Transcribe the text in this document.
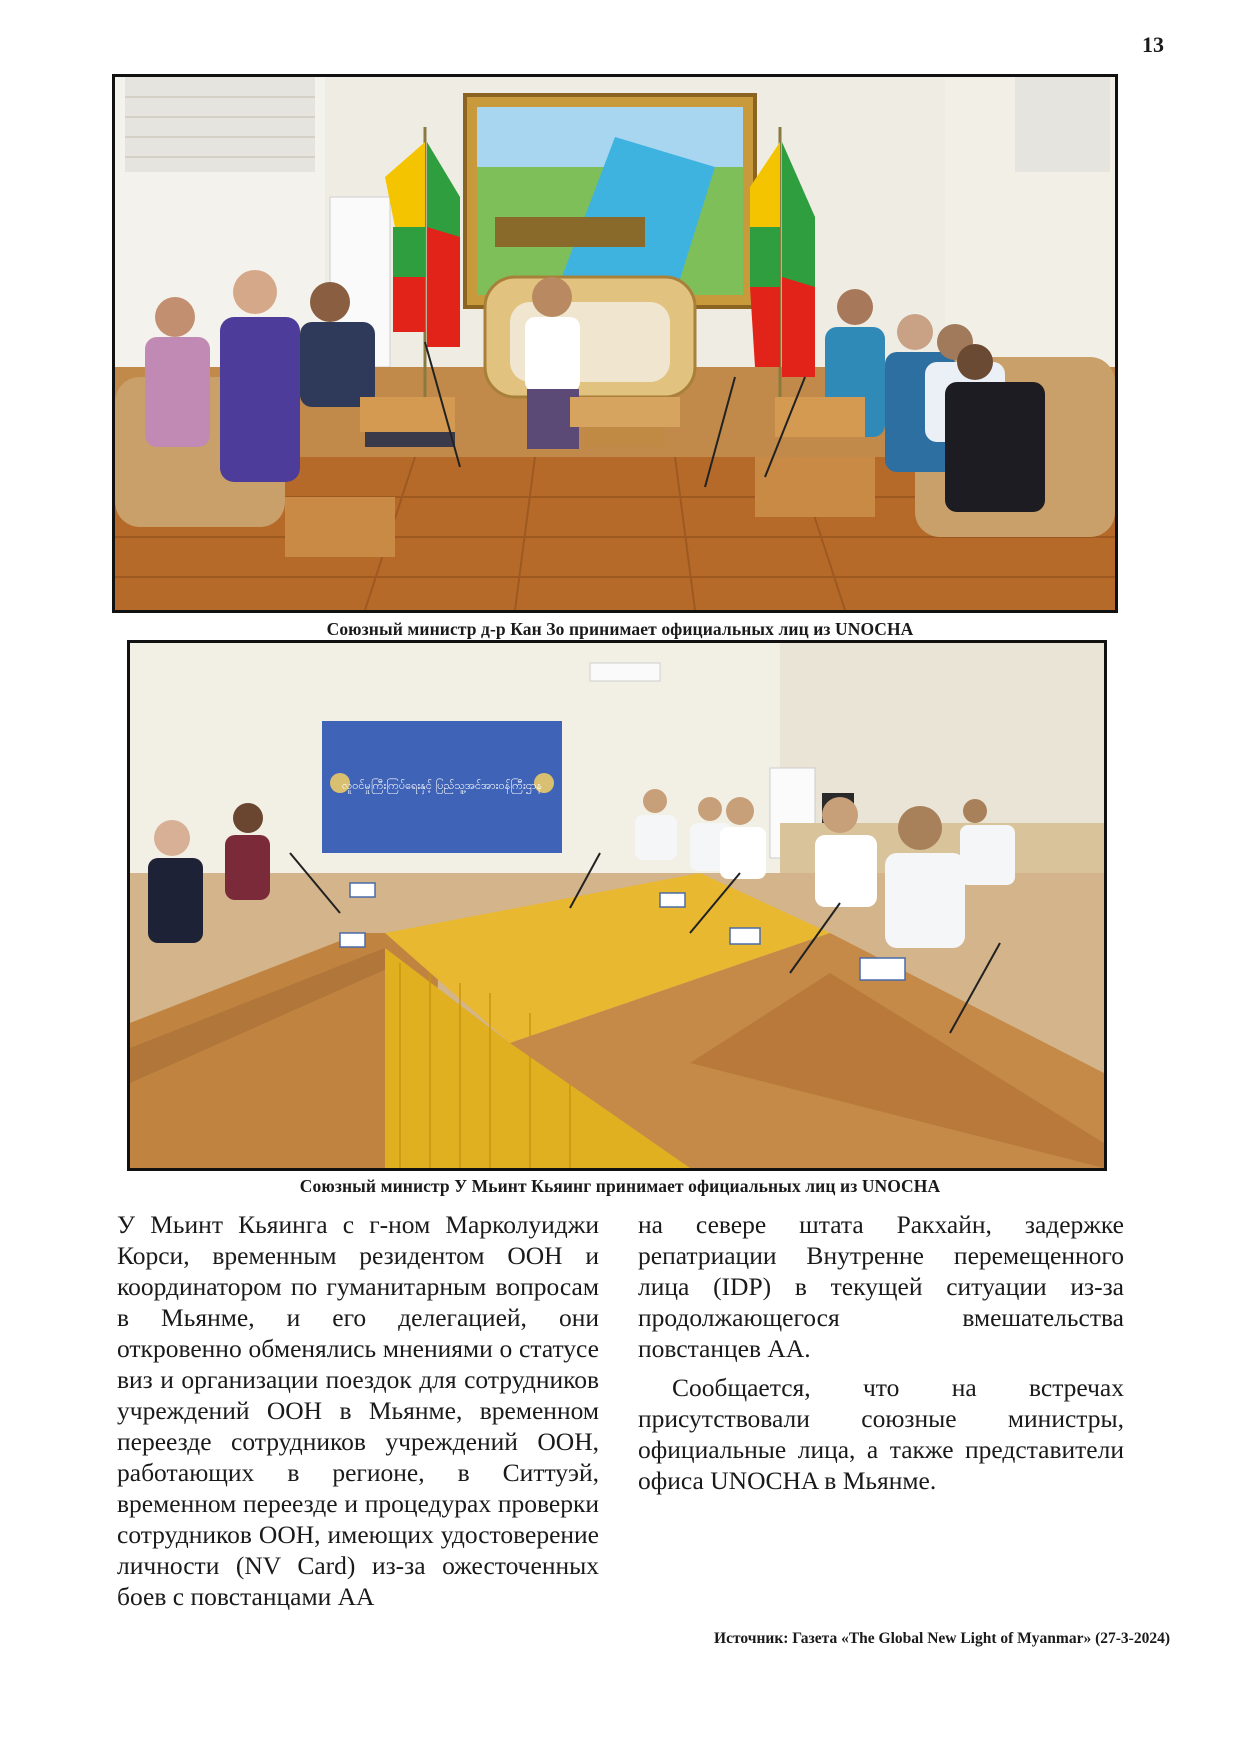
13
Союзный министр д-р Кан Зо принимает официальных лиц из UNOCHA
လူဝင်မှုကြီးကြပ်ရေးနှင့် ပြည်သူ့အင်အားဝန်ကြီးဌာန
Союзный министр У Мьинт Кьяинг принимает официальных лиц из UNOCHA

У Мьинт Кьяинга с г-ном Марколуиджи Корси, временным резидентом ООН и координатором по гуманитарным вопросам в Мьянме, и его делегацией, они откровенно обменялись мнениями о статусе виз и организации поездок для сотрудников учреждений ООН в Мьянме, временном переезде сотрудников учреждений ООН, работающих в регионе, в Ситтуэй, временном переезде и процедурах проверки сотрудников ООН, имеющих удостоверение личности (NV Card) из-за ожесточенных боев с повстанцами АА

на севере штата Ракхайн, задержке репатриации Внутренне перемещенного лица (IDP) в текущей ситуации из-за продолжающегося вмешательства повстанцев АА.

Сообщается, что на встречах присутствовали союзные министры, официальные лица, а также представители офиса UNOCHA в Мьянме.

Источник: Газета «The Global New Light of Myanmar» (27-3-2024)
